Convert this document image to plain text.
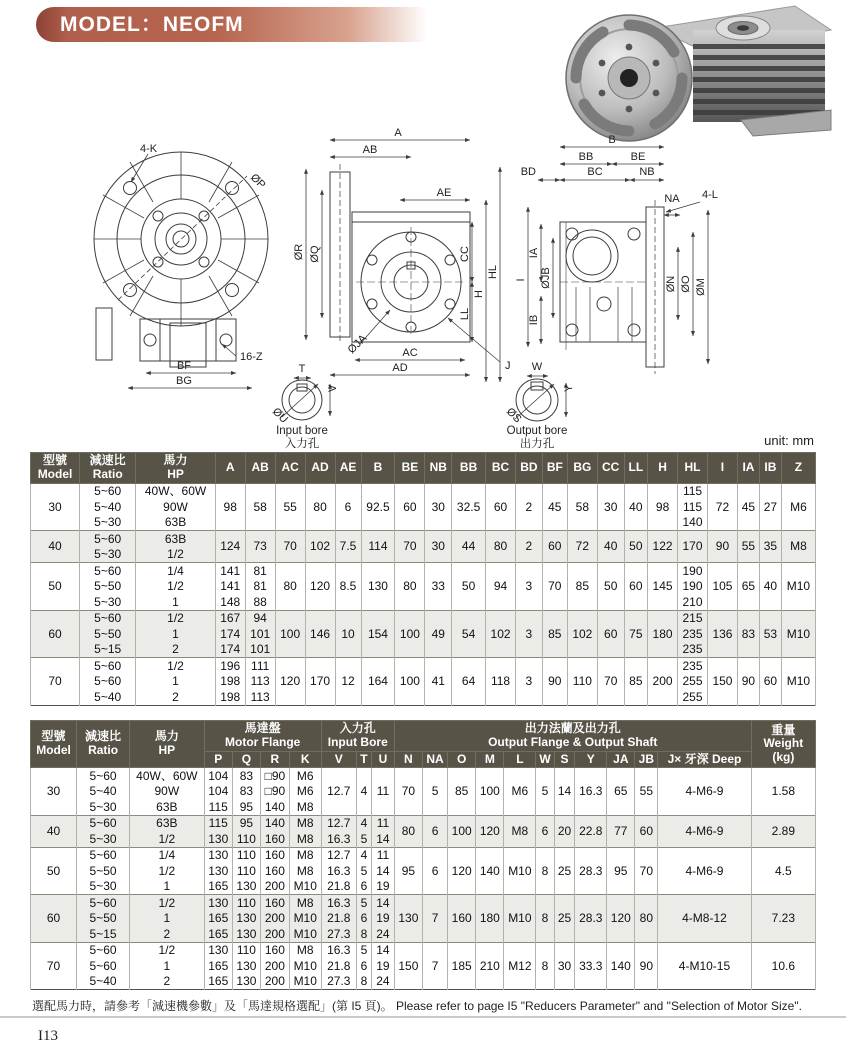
MODEL：NEOFM
4-K
ØP
BF
BG
16-Z
A
AB
AE
ØR ØQ
ØJA
CC
LL
H
HL
AC
AD	J
B
BB	BE
BD	BC	NB
NA 4-L
I
IA
IB
ØJB	ØN ØO ØM
T
V
ØU
Input bore
入力孔
W
Y
ØS
Output bore
出力孔	unit: mm
型號
Model	減速比
Ratio	馬力
HP	A	AB	AC	AD	AE	B	BE	NB	BB	BC	BD	BF	BG	CC	LL	H	HL	I	IA	IB	Z
30	5~60	40W、60W	98	58	55	80	6	92.5	60	30	32.5	60	2	45	58	30	40	98	115	72	45	27	M6
	5~40	90W																	115				
	5~30	63B																	140				
40	5~60	63B	124	73	70	102	7.5	114	70	30	44	80	2	60	72	40	50	122	170	90	55	35	M8
	5~30	1/2																					
50	5~60	1/4	141	81	80	120	8.5	130	80	33	50	94	3	70	85	50	60	145	190	105	65	40	M10
	5~50	1/2	141	81															190				
	5~30	1	148	88															210				
60	5~60	1/2	167	94	100	146	10	154	100	49	54	102	3	85	102	60	75	180	215	136	83	53	M10
	5~50	1	174	101															235				
	5~15	2	174	101															235				
70	5~60	1/2	196	111	120	170	12	164	100	41	64	118	3	90	110	70	85	200	235	150	90	60	M10
	5~60	1	198	113															255				
	5~40	2	198	113															255				
型號
Model	減速比
Ratio	馬力
HP	馬達盤
Motor Flange				入力孔
Input Bore			出力法蘭及出力孔
Output Flange & Output Shaft											重量
Weight
(kg)

			P	Q	R	K	V	T	U	N	NA	O	M	L	W	S	Y	JA	JB	J× 牙深 Deep	
30	5~60	40W、60W	104	83	□90	M6	12.7	4	11	70	5	85	100	M6	5	14	16.3	65	55	4-M6-9	1.58
	5~40	90W	104	83	□90	M6															
	5~30	63B	115	95	140	M8															
40	5~60	63B	115	95	140	M8	12.7	4	11	80	6	100	120	M8	6	20	22.8	77	60	4-M6-9	2.89
	5~30	1/2	130	110	160	M8	16.3	5	14												
50	5~60	1/4	130	110	160	M8	12.7	4	11	95	6	120	140	M10	8	25	28.3	95	70	4-M6-9	4.5
	5~50	1/2	130	110	160	M8	16.3	5	14												
	5~30	1	165	130	200	M10	21.8	6	19												
60	5~60	1/2	130	110	160	M8	16.3	5	14	130	7	160	180	M10	8	25	28.3	120	80	4-M8-12	7.23
	5~50	1	165	130	200	M10	21.8	6	19												
	5~15	2	165	130	200	M10	27.3	8	24												
70	5~60	1/2	130	110	160	M8	16.3	5	14	150	7	185	210	M12	8	30	33.3	140	90	4-M10-15	10.6
	5~60	1	165	130	200	M10	21.8	6	19												
	5~40	2	165	130	200	M10	27.3	8	24												
選配馬力時，請參考「減速機參數」及「馬達規格選配」(第 I5 頁)。 Please refer to page I5 "Reducers Parameter" and "Selection of Motor Size".
I13
